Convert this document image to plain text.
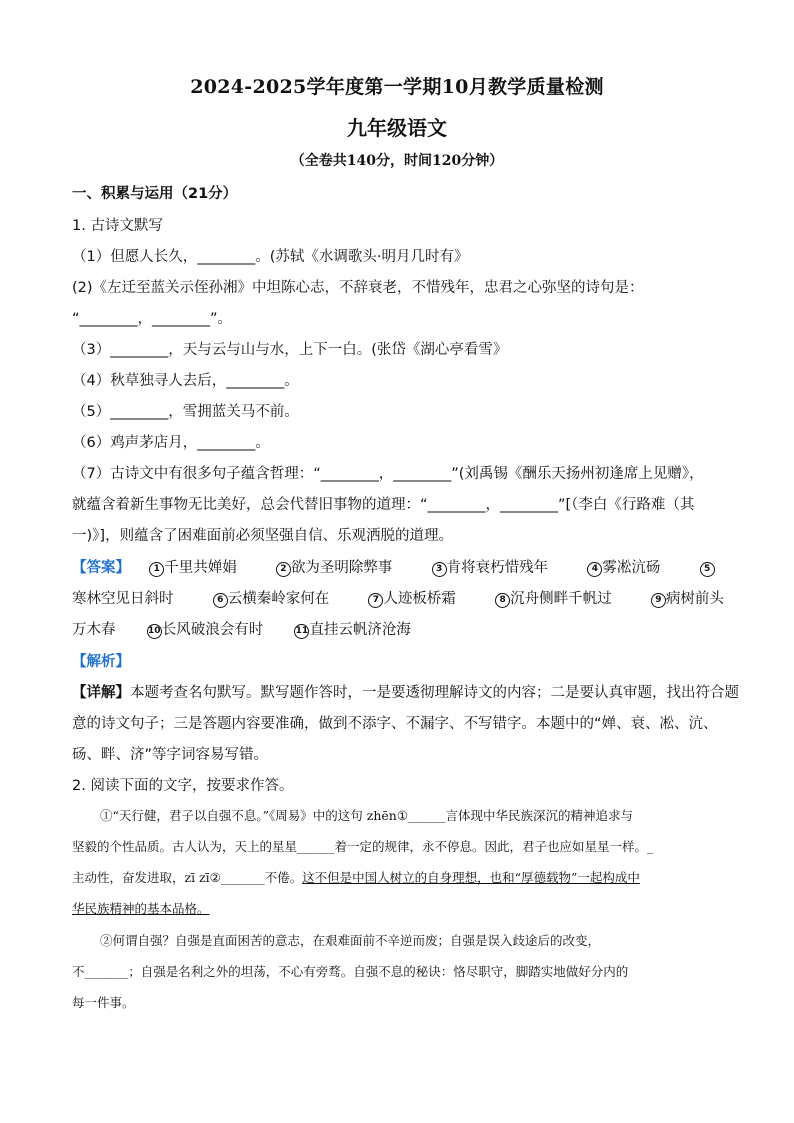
2024-2025学年度第一学期10月教学质量检测
九年级语文
（全卷共140分，时间120分钟）
一、积累与运用（21分）
1. 古诗文默写
（1）但愿人长久，________。(苏轼《水调歌头·明月几时有》
(2)《左迁至蓝关示侄孙湘》中坦陈心志，不辞衰老，不惜残年，忠君之心弥坚的诗句是：
“________，________”。
（3）________，天与云与山与水，上下一白。(张岱《湖心亭看雪》
（4）秋草独寻人去后，________。
（5）________，雪拥蓝关马不前。
（6）鸡声茅店月，________。
（7）古诗文中有很多句子蕴含哲理：“________，________”(刘禹锡《酬乐天扬州初逢席上见赠》，
就蕴含着新生事物无比美好，总会代替旧事物的道理：“________，________”[（李白《行路难（其
一)》]，则蕴含了困难面前必须坚强自信、乐观洒脱的道理。
【答案】	1 千里共婵娟	2 欲为圣明除弊事	3 肯将衰朽惜残年	4 雾凇沆砀	5
寒林空见日斜时	6 云横秦岭家何在	7 人迹板桥霜	8 沉舟侧畔千帆过	9 病树前头
万木春	10长风破浪会有时	11直挂云帆济沧海
【解析】
【详解】本题考查名句默写。默写题作答时，一是要透彻理解诗文的内容；二是要认真审题，找出符合题
意的诗文句子；三是答题内容要准确，做到不添字、不漏字、不写错字。本题中的“婵、衰、凇、沆、
砀、畔、济”等字词容易写错。
2. 阅读下面的文字，按要求作答。
①“天行健，君子以自强不息。”《周易》中的这句 zhēn①______言体现中华民族深沉的精神追求与
坚毅的个性品质。古人认为，天上的星星______着一定的规律，永不停息。因此，君子也应如星星一样。_
主动性，奋发进取，zī zī②_______不倦。这不但是中国人树立的自身理想，也和“厚德载物”一起构成中
华民族精神的基本品格。
②何谓自强？自强是直面困苦的意志，在艰难面前不辛逆而废；自强是误入歧途后的改变，
不_______；自强是名利之外的坦荡，不心有旁骛。自强不息的秘诀：恪尽职守，脚踏实地做好分内的
每一件事。
